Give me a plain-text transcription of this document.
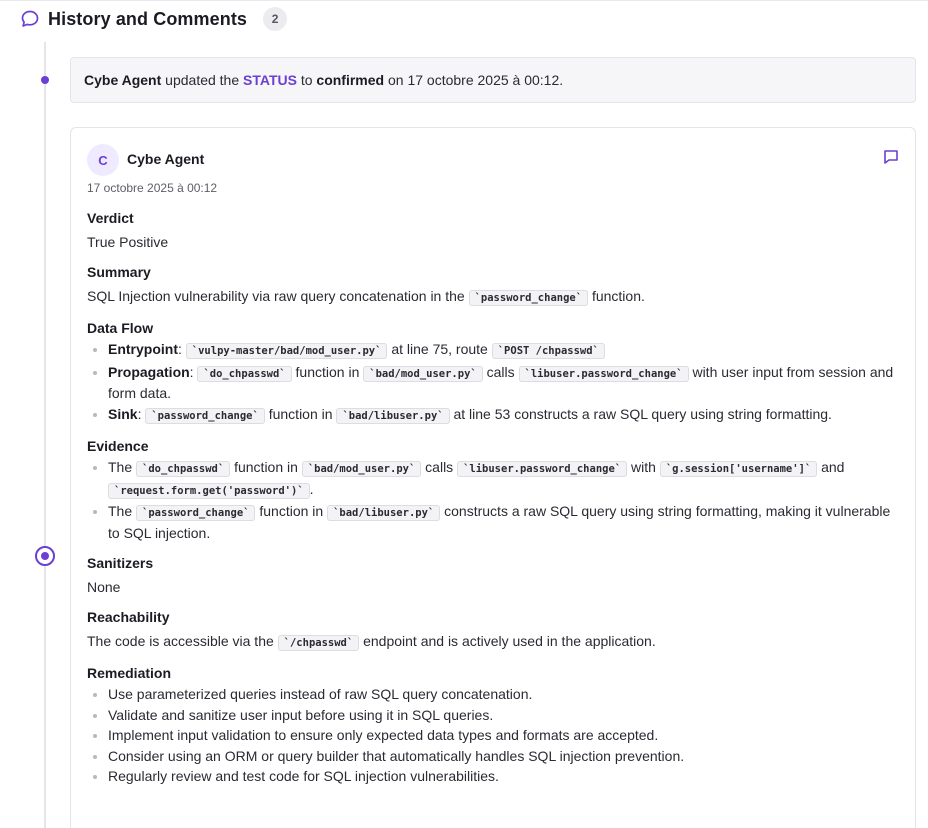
History and Comments	2
Cybe Agent updated the STATUS to confirmed on 17 octobre 2025 à 00:12.
C	Cybe Agent
17 octobre 2025 à 00:12
Verdict
True Positive
Summary
SQL Injection vulnerability via raw query concatenation in the `password_change` function.
Data Flow
Entrypoint: `vulpy-master/bad/mod_user.py` at line 75, route `POST /chpasswd`
Propagation: `do_chpasswd` function in `bad/mod_user.py` calls `libuser.password_change` with user input from session and form data.
Sink: `password_change` function in `bad/libuser.py` at line 53 constructs a raw SQL query using string formatting.
Evidence
The `do_chpasswd` function in `bad/mod_user.py` calls `libuser.password_change` with `g.session['username']` and `request.form.get('password')` .
The `password_change` function in `bad/libuser.py` constructs a raw SQL query using string formatting, making it vulnerable to SQL injection.
Sanitizers
None
Reachability
The code is accessible via the `/chpasswd` endpoint and is actively used in the application.
Remediation
Use parameterized queries instead of raw SQL query concatenation.
Validate and sanitize user input before using it in SQL queries.
Implement input validation to ensure only expected data types and formats are accepted.
Consider using an ORM or query builder that automatically handles SQL injection prevention.
Regularly review and test code for SQL injection vulnerabilities.
